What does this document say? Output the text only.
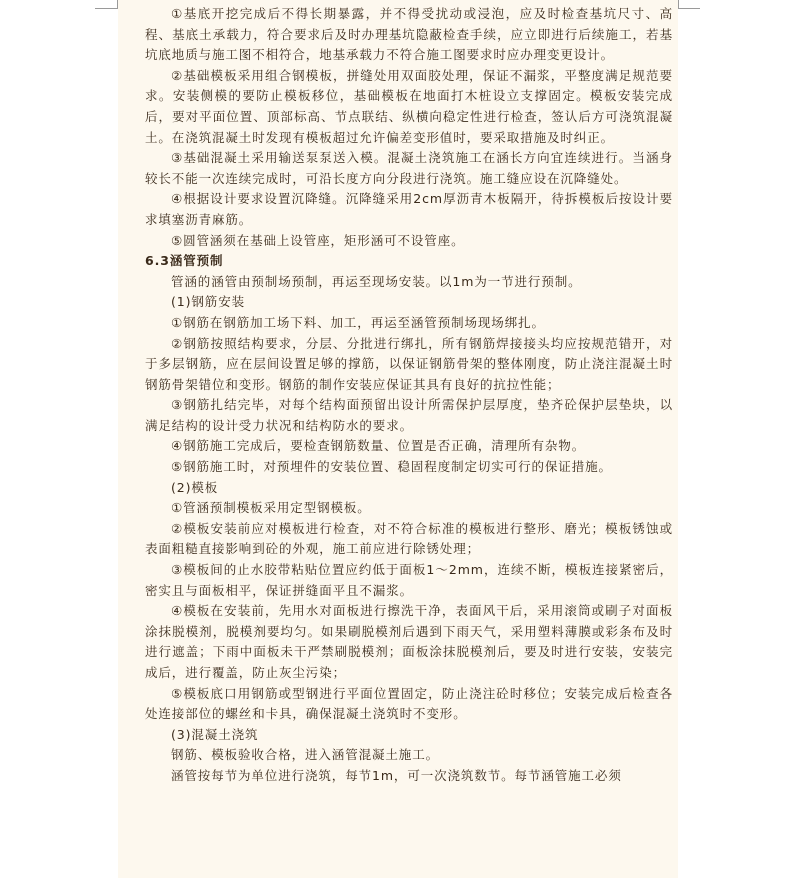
①基底开挖完成后不得长期暴露，并不得受扰动或浸泡，应及时检查基坑尺寸、高程、基底土承载力，符合要求后及时办理基坑隐蔽检查手续，应立即进行后续施工，若基坑底地质与施工图不相符合，地基承载力不符合施工图要求时应办理变更设计。

②基础模板采用组合钢模板，拼缝处用双面胶处理，保证不漏浆，平整度满足规范要求。安装侧模的要防止模板移位，基础模板在地面打木桩设立支撑固定。模板安装完成后，要对平面位置、顶部标高、节点联结、纵横向稳定性进行检查，签认后方可浇筑混凝土。在浇筑混凝土时发现有模板超过允许偏差变形值时，要采取措施及时纠正。

③基础混凝土采用输送泵泵送入模。混凝土浇筑施工在涵长方向宜连续进行。当涵身较长不能一次连续完成时，可沿长度方向分段进行浇筑。施工缝应设在沉降缝处。

④根据设计要求设置沉降缝。沉降缝采用2cm厚沥青木板隔开，待拆模板后按设计要求填塞沥青麻筋。

⑤圆管涵须在基础上设管座，矩形涵可不设管座。

6.3涵管预制

管涵的涵管由预制场预制，再运至现场安装。以1m为一节进行预制。

(1)钢筋安装

①钢筋在钢筋加工场下料、加工，再运至涵管预制场现场绑扎。

②钢筋按照结构要求，分层、分批进行绑扎，所有钢筋焊接接头均应按规范错开，对于多层钢筋，应在层间设置足够的撑筋，以保证钢筋骨架的整体刚度，防止浇注混凝土时钢筋骨架错位和变形。钢筋的制作安装应保证其具有良好的抗拉性能；

③钢筋扎结完毕，对每个结构面预留出设计所需保护层厚度，垫齐砼保护层垫块，以满足结构的设计受力状况和结构防水的要求。

④钢筋施工完成后，要检查钢筋数量、位置是否正确，清理所有杂物。

⑤钢筋施工时，对预埋件的安装位置、稳固程度制定切实可行的保证措施。

(2)模板

①管涵预制模板采用定型钢模板。

②模板安装前应对模板进行检查，对不符合标准的模板进行整形、磨光；模板锈蚀或表面粗糙直接影响到砼的外观，施工前应进行除锈处理；

③模板间的止水胶带粘贴位置应约低于面板1～2mm，连续不断，模板连接紧密后，密实且与面板相平，保证拼缝面平且不漏浆。

④模板在安装前，先用水对面板进行擦洗干净，表面风干后，采用滚筒或刷子对面板涂抹脱模剂，脱模剂要均匀。如果刷脱模剂后遇到下雨天气，采用塑料薄膜或彩条布及时进行遮盖；下雨中面板未干严禁刷脱模剂；面板涂抹脱模剂后，要及时进行安装，安装完成后，进行覆盖，防止灰尘污染；

⑤模板底口用钢筋或型钢进行平面位置固定，防止浇注砼时移位；安装完成后检查各处连接部位的螺丝和卡具，确保混凝土浇筑时不变形。

(3)混凝土浇筑

钢筋、模板验收合格，进入涵管混凝土施工。

涵管按每节为单位进行浇筑，每节1m，可一次浇筑数节。每节涵管施工必须
